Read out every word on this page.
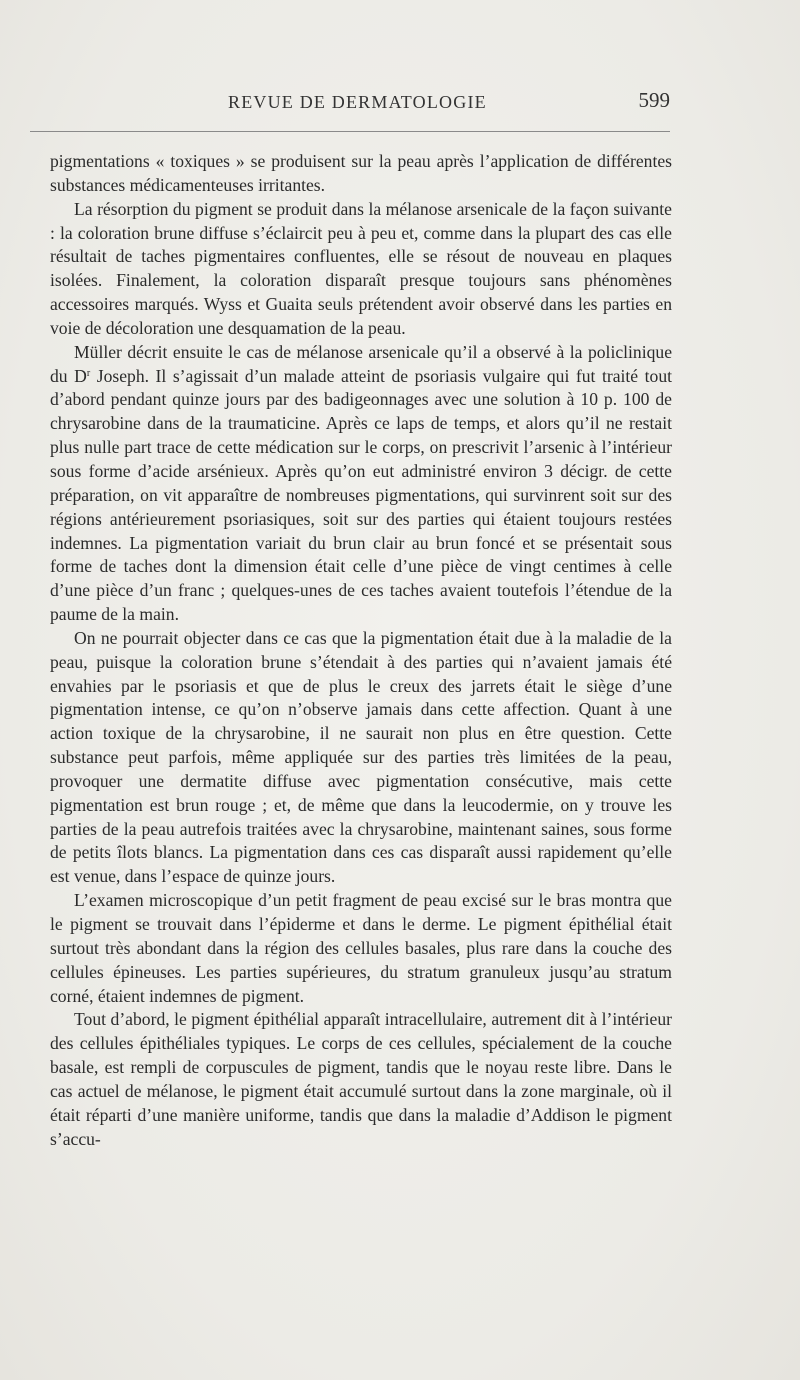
REVUE DE DERMATOLOGIE	599

pigmentations « toxiques » se produisent sur la peau après l’application de différentes substances médicamenteuses irritantes.

La résorption du pigment se produit dans la mélanose arsenicale de la façon suivante : la coloration brune diffuse s’éclaircit peu à peu et, comme dans la plupart des cas elle résultait de taches pigmentaires confluentes, elle se résout de nouveau en plaques isolées. Finalement, la coloration disparaît presque toujours sans phénomènes accessoires marqués. Wyss et Guaita seuls prétendent avoir observé dans les parties en voie de décoloration une desquamation de la peau.

Müller décrit ensuite le cas de mélanose arsenicale qu’il a observé à la policlinique du $D^r$ Joseph. Il s’agissait d’un malade atteint de psoriasis vulgaire qui fut traité tout d’abord pendant quinze jours par des badigeonnages avec une solution à 10 p. 100 de chrysarobine dans de la traumaticine. Après ce laps de temps, et alors qu’il ne restait plus nulle part trace de cette médication sur le corps, on prescrivit l’arsenic à l’intérieur sous forme d’acide arsénieux. Après qu’on eut administré environ 3 décigr. de cette préparation, on vit apparaître de nombreuses pigmentations, qui survinrent soit sur des régions antérieurement psoriasiques, soit sur des parties qui étaient toujours restées indemnes. La pigmentation variait du brun clair au brun foncé et se présentait sous forme de taches dont la dimension était celle d’une pièce de vingt centimes à celle d’une pièce d’un franc ; quelques-unes de ces taches avaient toutefois l’étendue de la paume de la main.

On ne pourrait objecter dans ce cas que la pigmentation était due à la maladie de la peau, puisque la coloration brune s’étendait à des parties qui n’avaient jamais été envahies par le psoriasis et que de plus le creux des jarrets était le siège d’une pigmentation intense, ce qu’on n’observe jamais dans cette affection. Quant à une action toxique de la chrysarobine, il ne saurait non plus en être question. Cette substance peut parfois, même appliquée sur des parties très limitées de la peau, provoquer une dermatite diffuse avec pigmentation consécutive, mais cette pigmentation est brun rouge ; et, de même que dans la leucodermie, on y trouve les parties de la peau autrefois traitées avec la chrysarobine, maintenant saines, sous forme de petits îlots blancs. La pigmentation dans ces cas disparaît aussi rapidement qu’elle est venue, dans l’espace de quinze jours.

L’examen microscopique d’un petit fragment de peau excisé sur le bras montra que le pigment se trouvait dans l’épiderme et dans le derme. Le pigment épithélial était surtout très abondant dans la région des cellules basales, plus rare dans la couche des cellules épineuses. Les parties supérieures, du stratum granuleux jusqu’au stratum corné, étaient indemnes de pigment.

Tout d’abord, le pigment épithélial apparaît intracellulaire, autrement dit à l’intérieur des cellules épithéliales typiques. Le corps de ces cellules, spécialement de la couche basale, est rempli de corpuscules de pigment, tandis que le noyau reste libre. Dans le cas actuel de mélanose, le pigment était accumulé surtout dans la zone marginale, où il était réparti d’une manière uniforme, tandis que dans la maladie d’Addison le pigment s’accu-
